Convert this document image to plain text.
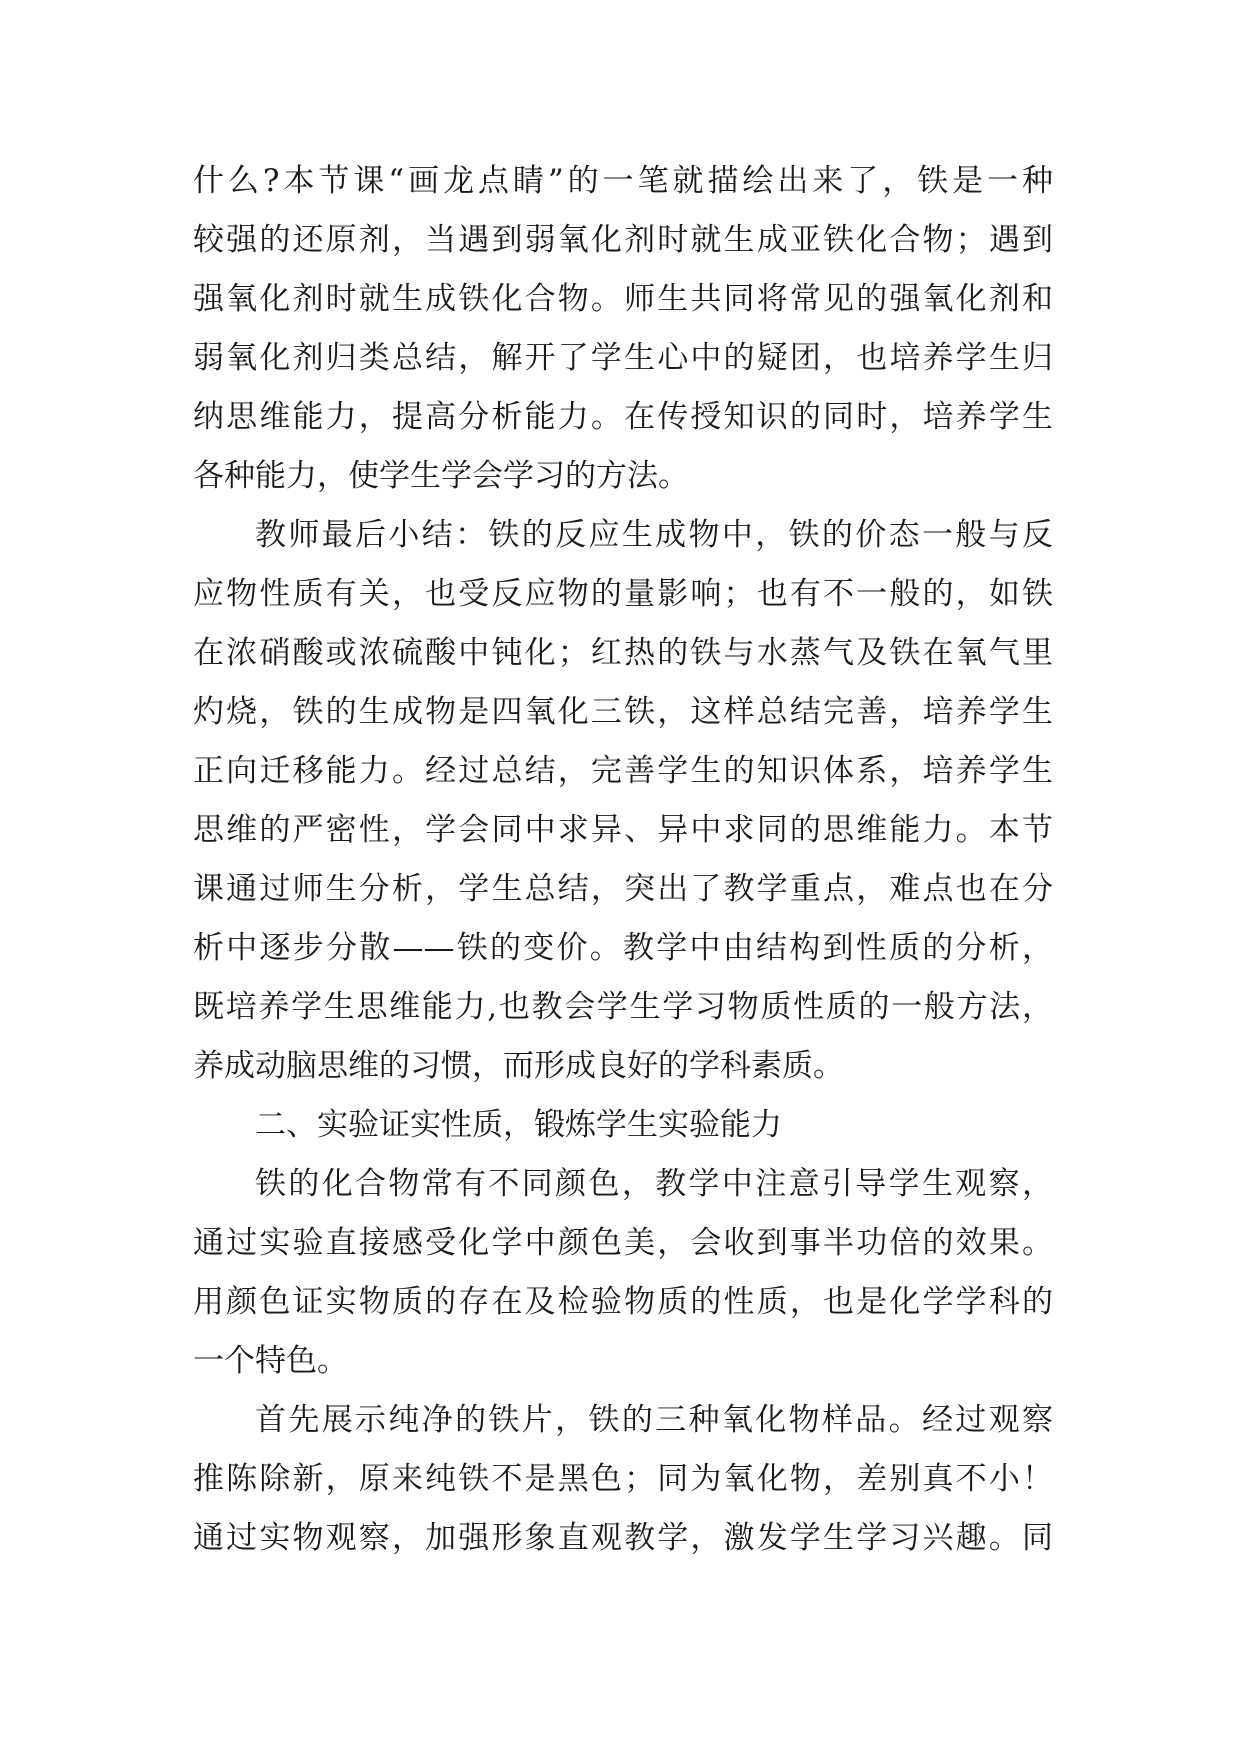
什么?本节课“画龙点睛”的一笔就描绘出来了，铁是一种

较强的还原剂，当遇到弱氧化剂时就生成亚铁化合物；遇到

强氧化剂时就生成铁化合物。师生共同将常见的强氧化剂和

弱氧化剂归类总结，解开了学生心中的疑团，也培养学生归

纳思维能力，提高分析能力。在传授知识的同时，培养学生

各种能力，使学生学会学习的方法。

教师最后小结：铁的反应生成物中，铁的价态一般与反

应物性质有关，也受反应物的量影响；也有不一般的，如铁

在浓硝酸或浓硫酸中钝化；红热的铁与水蒸气及铁在氧气里

灼烧，铁的生成物是四氧化三铁，这样总结完善，培养学生

正向迁移能力。经过总结，完善学生的知识体系，培养学生

思维的严密性，学会同中求异、异中求同的思维能力。本节

课通过师生分析，学生总结，突出了教学重点，难点也在分

析中逐步分散——铁的变价。教学中由结构到性质的分析，

既培养学生思维能力,也教会学生学习物质性质的一般方法，

养成动脑思维的习惯，而形成良好的学科素质。

二、实验证实性质，锻炼学生实验能力

铁的化合物常有不同颜色，教学中注意引导学生观察，

通过实验直接感受化学中颜色美，会收到事半功倍的效果。

用颜色证实物质的存在及检验物质的性质，也是化学学科的

一个特色。

首先展示纯净的铁片，铁的三种氧化物样品。经过观察

推陈除新，原来纯铁不是黑色；同为氧化物，差别真不小！

通过实物观察，加强形象直观教学，激发学生学习兴趣。同
